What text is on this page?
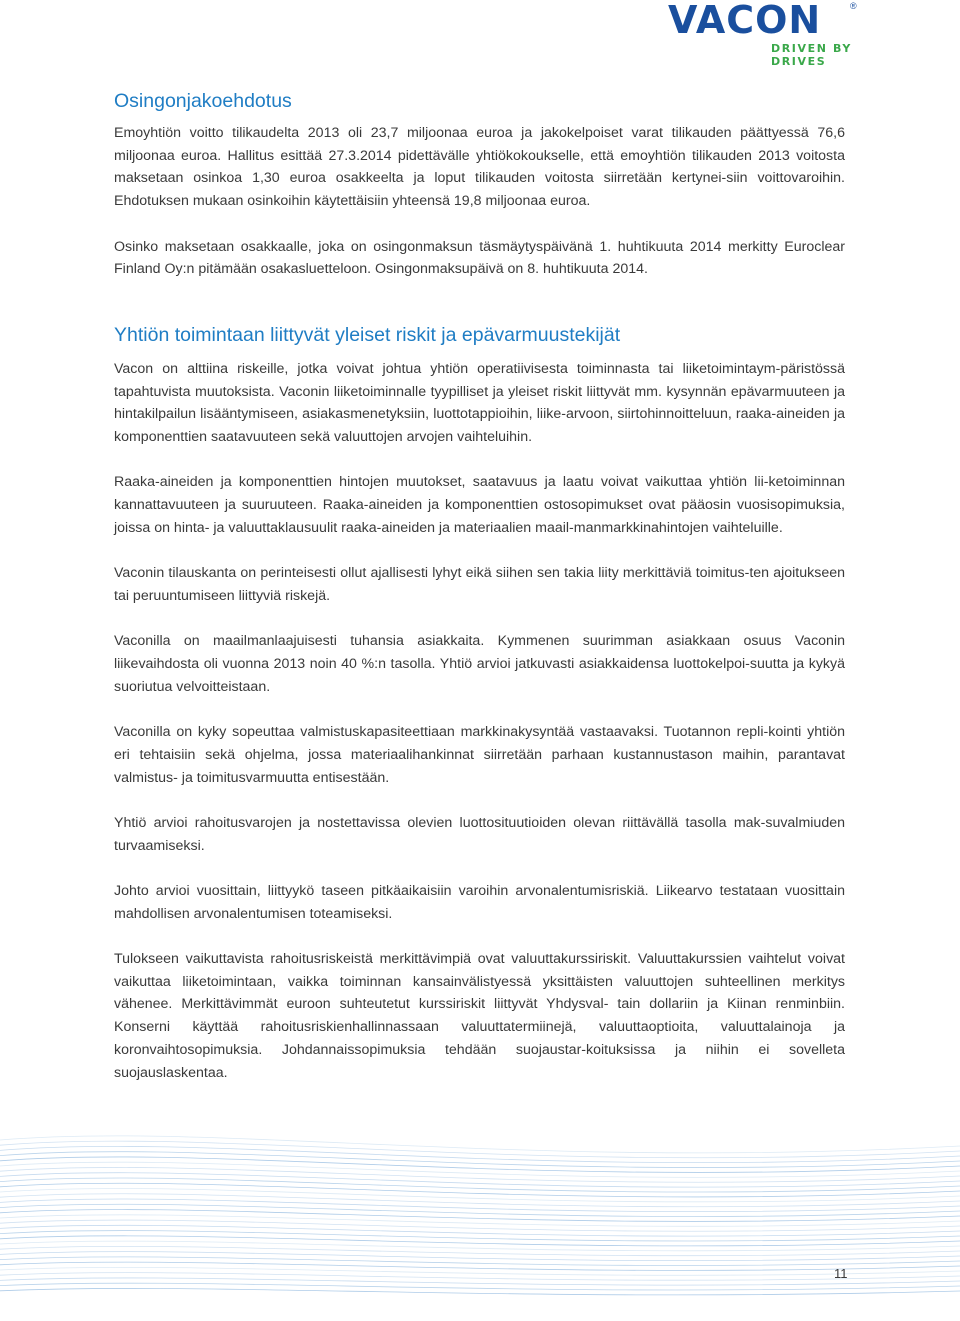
VACON	®
DRIVEN BY DRIVES
Osingonjakoehdotus

Emoyhtiön voitto tilikaudelta 2013 oli 23,7 miljoonaa euroa ja jakokelpoiset varat tilikauden päättyessä 76,6 miljoonaa euroa. Hallitus esittää 27.3.2014 pidettävälle yhtiökokoukselle, että emoyhtiön tilikauden 2013 voitosta maksetaan osinkoa 1,30 euroa osakkeelta ja loput tilikauden voitosta siirretään kertynei-siin voittovaroihin. Ehdotuksen mukaan osinkoihin käytettäisiin yhteensä 19,8 miljoonaa euroa.

Osinko maksetaan osakkaalle, joka on osingonmaksun täsmäytyspäivänä 1. huhtikuuta 2014 merkitty Euroclear Finland Oy:n pitämään osakasluetteloon. Osingonmaksupäivä on 8. huhtikuuta 2014.

Yhtiön toimintaan liittyvät yleiset riskit ja epävarmuustekijät

Vacon on alttiina riskeille, jotka voivat johtua yhtiön operatiivisesta toiminnasta tai liiketoimintaym-päristössä tapahtuvista muutoksista. Vaconin liiketoiminnalle tyypilliset ja yleiset riskit liittyvät mm. kysynnän epävarmuuteen ja hintakilpailun lisääntymiseen, asiakasmenetyksiin, luottotappioihin, liike-arvoon, siirtohinnoitteluun, raaka-aineiden ja komponenttien saatavuuteen sekä valuuttojen arvojen vaihteluihin.

Raaka-aineiden ja komponenttien hintojen muutokset, saatavuus ja laatu voivat vaikuttaa yhtiön lii-ketoiminnan kannattavuuteen ja suuruuteen. Raaka-aineiden ja komponenttien ostosopimukset ovat pääosin vuosisopimuksia, joissa on hinta- ja valuuttaklausuulit raaka-aineiden ja materiaalien maail-manmarkkinahintojen vaihteluille.

Vaconin tilauskanta on perinteisesti ollut ajallisesti lyhyt eikä siihen sen takia liity merkittäviä toimitus-ten ajoitukseen tai peruuntumiseen liittyviä riskejä.

Vaconilla on maailmanlaajuisesti tuhansia asiakkaita. Kymmenen suurimman asiakkaan osuus Vaconin liikevaihdosta oli vuonna 2013 noin 40 %:n tasolla. Yhtiö arvioi jatkuvasti asiakkaidensa luottokelpoi-suutta ja kykyä suoriutua velvoitteistaan.

Vaconilla on kyky sopeuttaa valmistuskapasiteettiaan markkinakysyntää vastaavaksi. Tuotannon repli-kointi yhtiön eri tehtaisiin sekä ohjelma, jossa materiaalihankinnat siirretään parhaan kustannustason maihin, parantavat valmistus- ja toimitusvarmuutta entisestään.

Yhtiö arvioi rahoitusvarojen ja nostettavissa olevien luottosituutioiden olevan riittävällä tasolla mak-suvalmiuden turvaamiseksi.

Johto arvioi vuosittain, liittyykö taseen pitkäaikaisiin varoihin arvonalentumisriskiä. Liikearvo testataan vuosittain mahdollisen arvonalentumisen toteamiseksi.

Tulokseen vaikuttavista rahoitusriskeistä merkittävimpiä ovat valuuttakurssiriskit. Valuuttakurssien vaihtelut voivat vaikuttaa liiketoimintaan, vaikka toiminnan kansainvälistyessä yksittäisten valuuttojen suhteellinen merkitys vähenee. Merkittävimmät euroon suhteutetut kurssiriskit liittyvät Yhdysval- tain dollariin ja Kiinan renminbiin. Konserni käyttää rahoitusriskienhallinnassaan valuuttatermiinejä, valuuttaoptioita, valuuttalainoja ja koronvaihtosopimuksia. Johdannaissopimuksia tehdään suojaustar-koituksissa ja niihin ei sovelleta suojauslaskentaa.

11
